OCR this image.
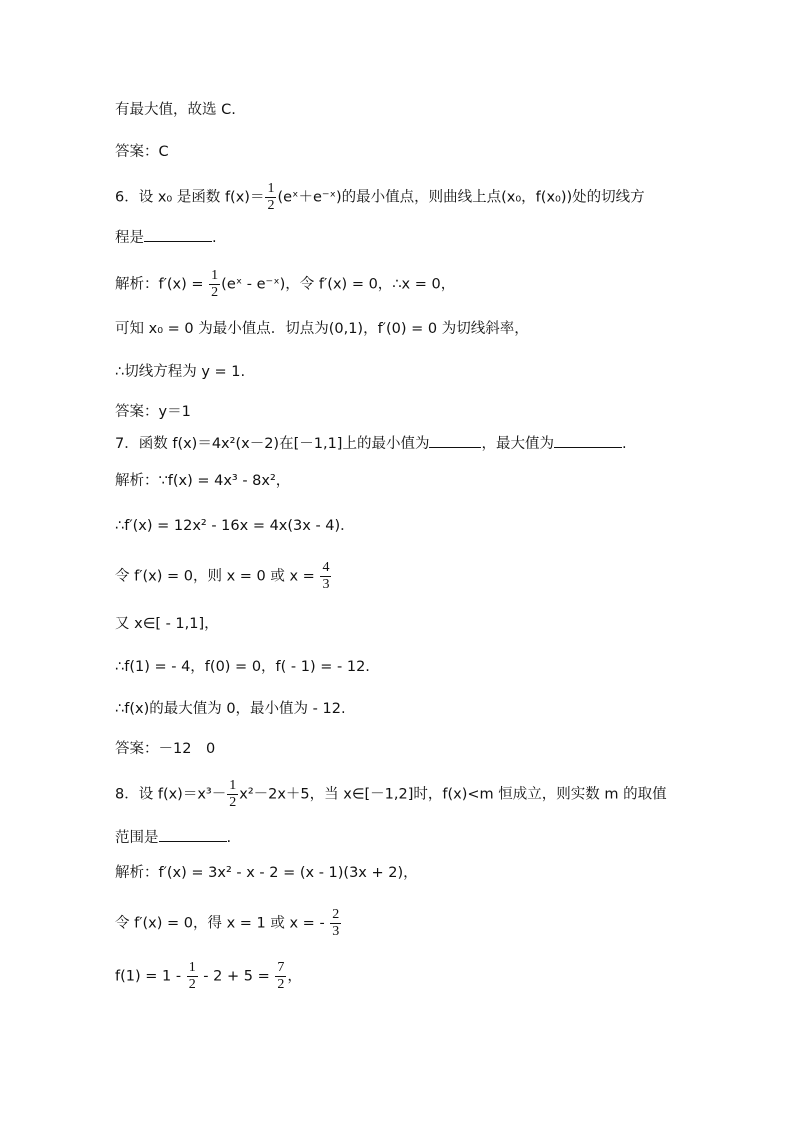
有最大值，故选 C.
答案：C
6．设 x₀ 是函数 $f(x)= \frac{1}{2}$ (eˣ＋e⁻ˣ)的最小值点，则曲线上点(x₀，f(x₀))处的切线方
程是	.
解析：$f'(x) = \frac{1}{2}$ (eˣ - e⁻ˣ)，令 f′(x) = 0，∴x = 0，
可知 x₀ = 0 为最小值点．切点为(0,1)，f′(0) = 0 为切线斜率，
∴切线方程为 y = 1.
答案：y＝1
7．函数 f(x)＝4x²(x－2)在[－1,1]上的最小值为	，最大值为	.
解析：∵f(x) = 4x³ - 8x²，
∴f′(x) = 12x² - 16x = 4x(3x - 4)．
令 f′(x) = 0，则 x = 0 或 $x = \frac{4}{3}$
又 x∈[ - 1,1]，
∴f(1) = - 4，f(0) = 0，f( - 1) = - 12.
∴f(x)的最大值为 0，最小值为 - 12.
答案：－12　0
8．设 $f(x)=x^3- \frac{1}{2} x^2-2x+5$，当 x∈[－1,2]时，f(x)<m 恒成立，则实数 m 的取值
范围是	.
解析：f′(x) = 3x² - x - 2 = (x - 1)(3x + 2)，
令 f′(x) = 0，得 x = 1 或 x = - $\frac{2}{3}$
$f(1) = 1 - \frac{1}{2} - 2 + 5 = \frac{7}{2}$ ，
